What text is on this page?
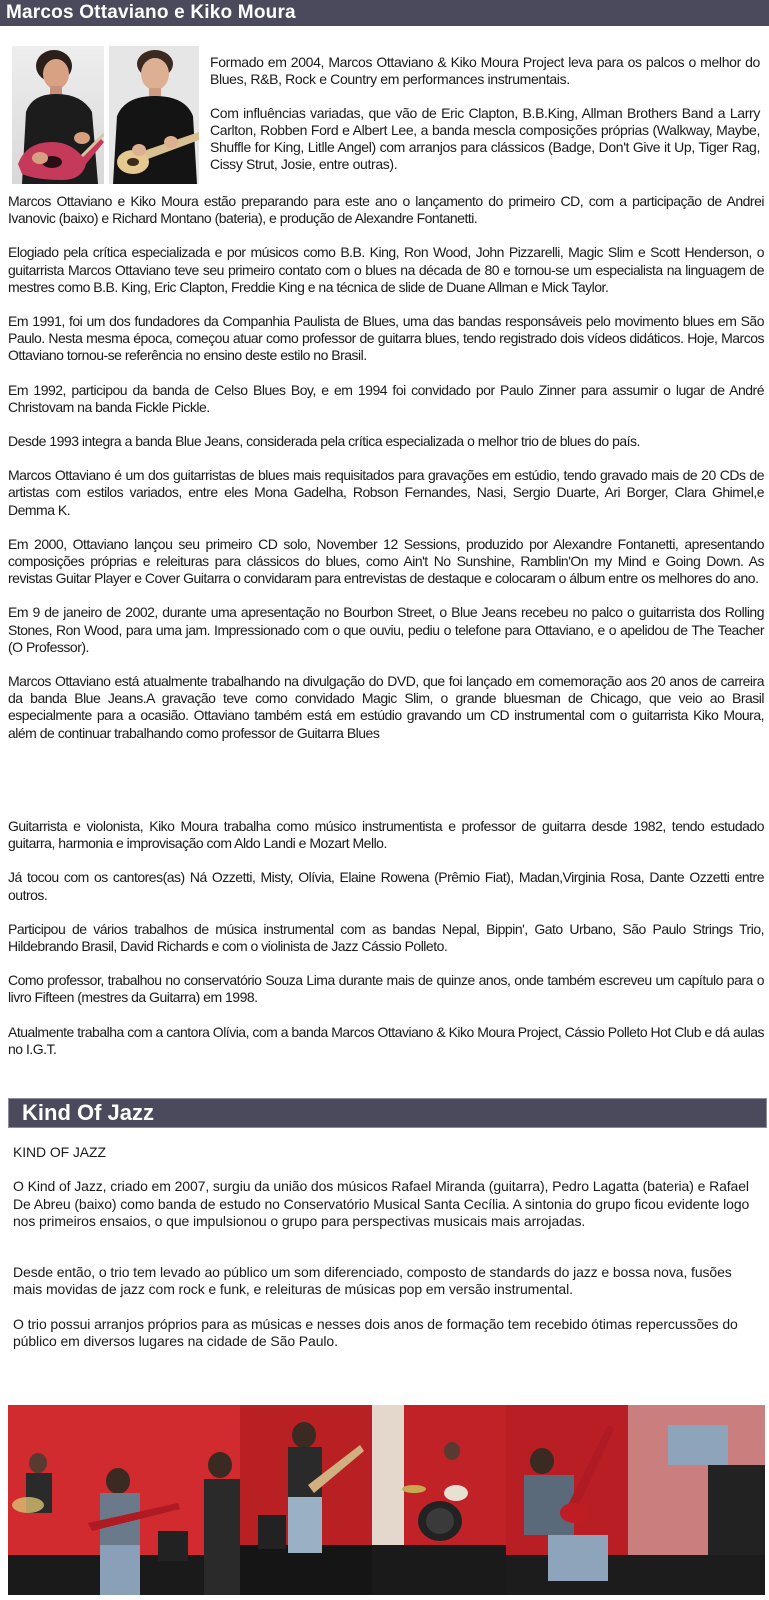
Marcos Ottaviano e Kiko Moura

Formado em 2004, Marcos Ottaviano & Kiko Moura Project leva para os palcos o melhor do Blues, R&B, Rock e Country em performances instrumentais.

Com influências variadas, que vão de Eric Clapton, B.B.King, Allman Brothers Band a Larry Carlton, Robben Ford e Albert Lee, a banda mescla composições próprias (Walkway, Maybe, Shuffle for King, Litlle Angel) com arranjos para clássicos (Badge, Don't Give it Up, Tiger Rag, Cissy Strut, Josie, entre outras).

Marcos Ottaviano e Kiko Moura estão preparando para este ano o lançamento do primeiro CD, com a participação de Andrei Ivanovic (baixo) e Richard Montano (bateria), e produção de Alexandre Fontanetti.

Elogiado pela crítica especializada e por músicos como B.B. King, Ron Wood, John Pizzarelli, Magic Slim e Scott Henderson, o guitarrista Marcos Ottaviano teve seu primeiro contato com o blues na década de 80 e tornou-se um especialista na linguagem de mestres como B.B. King, Eric Clapton, Freddie King e na técnica de slide de Duane Allman e Mick Taylor.

Em 1991, foi um dos fundadores da Companhia Paulista de Blues, uma das bandas responsáveis pelo movimento blues em São Paulo. Nesta mesma época, começou atuar como professor de guitarra blues, tendo registrado dois vídeos didáticos. Hoje, Marcos Ottaviano tornou-se referência no ensino deste estilo no Brasil.

Em 1992, participou da banda de Celso Blues Boy, e em 1994 foi convidado por Paulo Zinner para assumir o lugar de André Christovam na banda Fickle Pickle.

Desde 1993 integra a banda Blue Jeans, considerada pela crítica especializada o melhor trio de blues do país.

Marcos Ottaviano é um dos guitarristas de blues mais requisitados para gravações em estúdio, tendo gravado mais de 20 CDs de artistas com estilos variados, entre eles Mona Gadelha, Robson Fernandes, Nasi, Sergio Duarte, Ari Borger, Clara Ghimel,e Demma K.

Em 2000, Ottaviano lançou seu primeiro CD solo, November 12 Sessions, produzido por Alexandre Fontanetti, apresentando composições próprias e releituras para clássicos do blues, como Ain't No Sunshine, Ramblin'On my Mind e Going Down. As revistas Guitar Player e Cover Guitarra o convidaram para entrevistas de destaque e colocaram o álbum entre os melhores do ano.

Em 9 de janeiro de 2002, durante uma apresentação no Bourbon Street, o Blue Jeans recebeu no palco o guitarrista dos Rolling Stones, Ron Wood, para uma jam. Impressionado com o que ouviu, pediu o telefone para Ottaviano, e o apelidou de The Teacher (O Professor).

Marcos Ottaviano está atualmente trabalhando na divulgação do DVD, que foi lançado em comemoração aos 20 anos de carreira da banda Blue Jeans.A gravação teve como convidado Magic Slim, o grande bluesman de Chicago, que veio ao Brasil especialmente para a ocasião. Ottaviano também está em estúdio gravando um CD instrumental com o guitarrista Kiko Moura, além de continuar trabalhando como professor de Guitarra Blues

Guitarrista e violonista, Kiko Moura trabalha como músico instrumentista e professor de guitarra desde 1982, tendo estudado guitarra, harmonia e improvisação com Aldo Landi e Mozart Mello.

Já tocou com os cantores(as) Ná Ozzetti, Misty, Olívia, Elaine Rowena (Prêmio Fiat), Madan,Virginia Rosa, Dante Ozzetti entre outros.

Participou de vários trabalhos de música instrumental com as bandas Nepal, Bippin', Gato Urbano, São Paulo Strings Trio, Hildebrando Brasil, David Richards e com o violinista de Jazz Cássio Polleto.

Como professor, trabalhou no conservatório Souza Lima durante mais de quinze anos, onde também escreveu um capítulo para o livro Fifteen (mestres da Guitarra) em 1998.

Atualmente trabalha com a cantora Olívia, com a banda Marcos Ottaviano & Kiko Moura Project, Cássio Polleto Hot Club e dá aulas no I.G.T.

Kind Of Jazz

KIND OF JAZZ

O Kind of Jazz, criado em 2007, surgiu da união dos músicos Rafael Miranda (guitarra), Pedro Lagatta (bateria) e Rafael De Abreu (baixo) como banda de estudo no Conservatório Musical Santa Cecília. A sintonia do grupo ficou evidente logo nos primeiros ensaios, o que impulsionou o grupo para perspectivas musicais mais arrojadas.

Desde então, o trio tem levado ao público um som diferenciado, composto de standards do jazz e bossa nova, fusões mais movidas de jazz com rock e funk, e releituras de músicas pop em versão instrumental.

O trio possui arranjos próprios para as músicas e nesses dois anos de formação tem recebido ótimas repercussões do público em diversos lugares na cidade de São Paulo.
